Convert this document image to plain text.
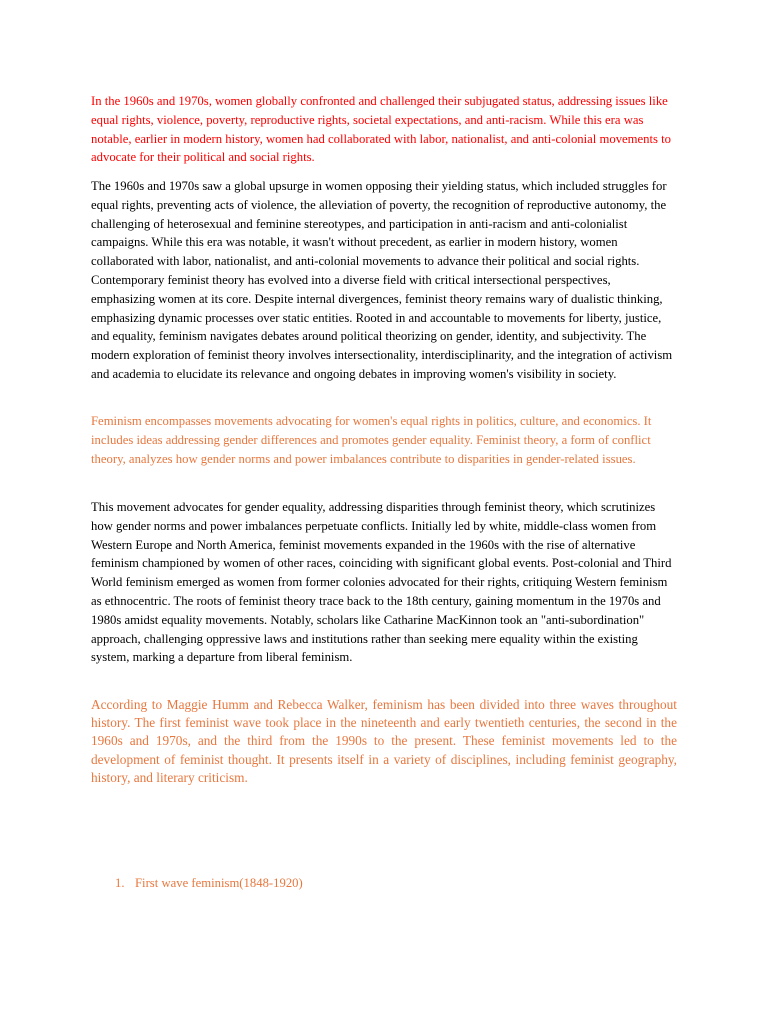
In the 1960s and 1970s, women globally confronted and challenged their subjugated status, addressing issues like equal rights, violence, poverty, reproductive rights, societal expectations, and anti-racism. While this era was notable, earlier in modern history, women had collaborated with labor, nationalist, and anti-colonial movements to advocate for their political and social rights.

The 1960s and 1970s saw a global upsurge in women opposing their yielding status, which included struggles for equal rights, preventing acts of violence, the alleviation of poverty, the recognition of reproductive autonomy, the challenging of heterosexual and feminine stereotypes, and participation in anti-racism and anti-colonialist campaigns. While this era was notable, it wasn't without precedent, as earlier in modern history, women collaborated with labor, nationalist, and anti-colonial movements to advance their political and social rights. Contemporary feminist theory has evolved into a diverse field with critical intersectional perspectives, emphasizing women at its core. Despite internal divergences, feminist theory remains wary of dualistic thinking, emphasizing dynamic processes over static entities. Rooted in and accountable to movements for liberty, justice, and equality, feminism navigates debates around political theorizing on gender, identity, and subjectivity. The modern exploration of feminist theory involves intersectionality, interdisciplinarity, and the integration of activism and academia to elucidate its relevance and ongoing debates in improving women's visibility in society.

Feminism encompasses movements advocating for women's equal rights in politics, culture, and economics. It includes ideas addressing gender differences and promotes gender equality. Feminist theory, a form of conflict theory, analyzes how gender norms and power imbalances contribute to disparities in gender-related issues.

This movement advocates for gender equality, addressing disparities through feminist theory, which scrutinizes how gender norms and power imbalances perpetuate conflicts. Initially led by white, middle-class women from Western Europe and North America, feminist movements expanded in the 1960s with the rise of alternative feminism championed by women of other races, coinciding with significant global events. Post-colonial and Third World feminism emerged as women from former colonies advocated for their rights, critiquing Western feminism as ethnocentric. The roots of feminist theory trace back to the 18th century, gaining momentum in the 1970s and 1980s amidst equality movements. Notably, scholars like Catharine MacKinnon took an "anti-subordination" approach, challenging oppressive laws and institutions rather than seeking mere equality within the existing system, marking a departure from liberal feminism.

According to Maggie Humm and Rebecca Walker, feminism has been divided into three waves throughout history. The first feminist wave took place in the nineteenth and early twentieth centuries, the second in the 1960s and 1970s, and the third from the 1990s to the present. These feminist movements led to the development of feminist thought. It presents itself in a variety of disciplines, including feminist geography, history, and literary criticism.

1. First wave feminism(1848-1920)
